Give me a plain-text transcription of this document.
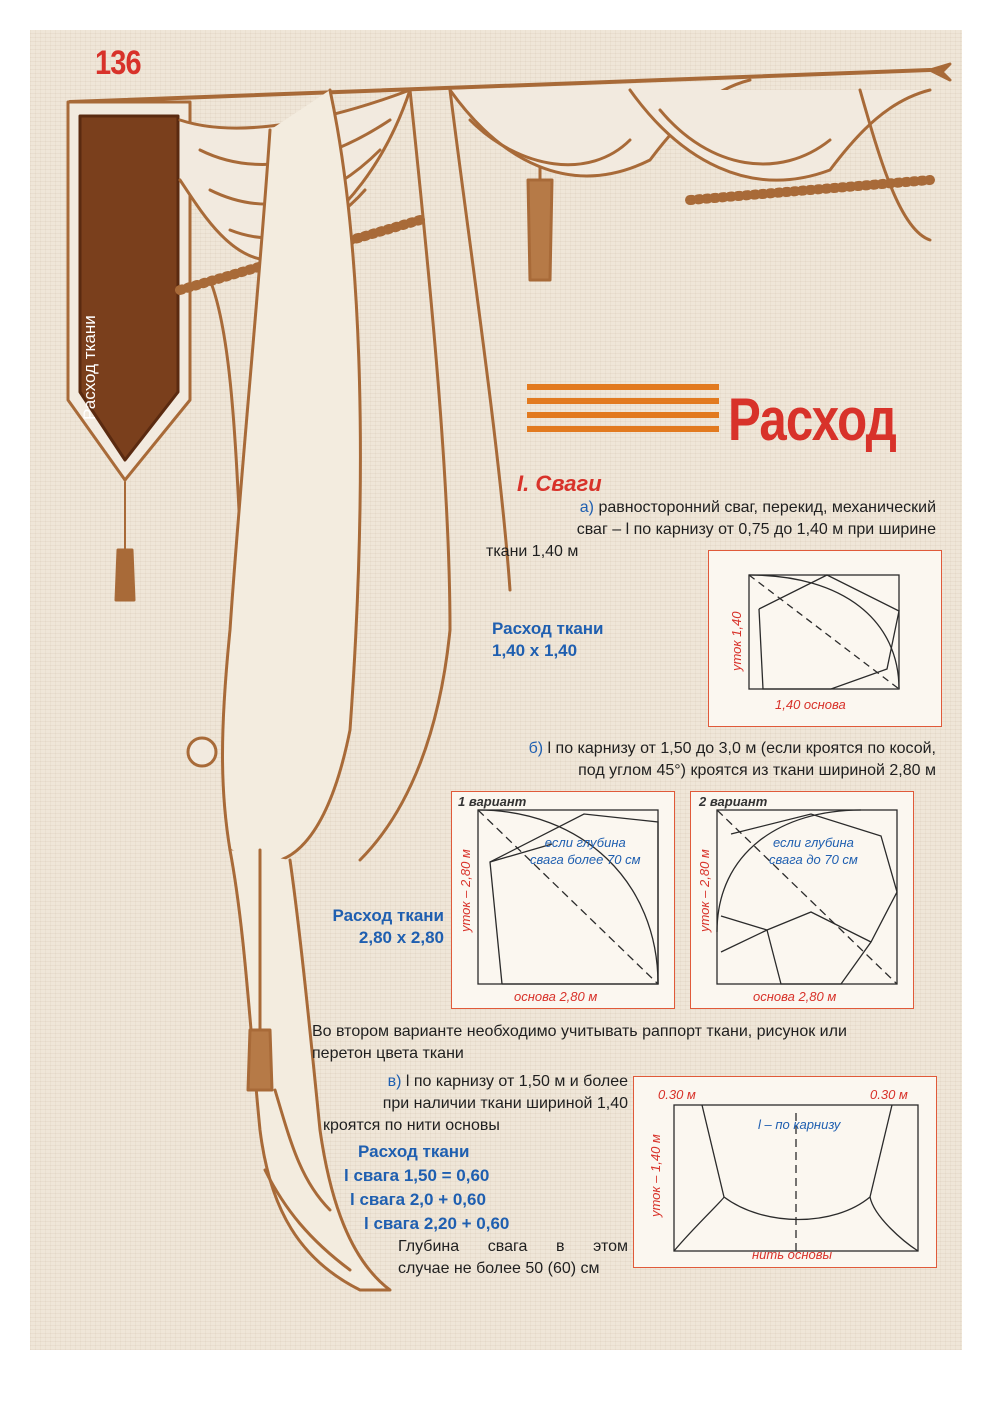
136
Расход ткани	Расход
I. Сваги
а) равносторонний сваг, перекид, механический
сваг – l по карнизу от 0,75 до 1,40 м при ширине
ткани 1,40 м
Расход ткани
1,40 х 1,40	уток 1,40
1,40 основа
б) l по карнизу от 1,50 до 3,0 м (если кроятся по косой,
под углом 45°) кроятся из ткани шириной 2,80 м
Расход ткани
2,80 х 2,80
1 вариант
если глубина
свага более 70 см
уток – 2,80 м
основа 2,80 м
2 вариант
если глубина
свага до 70 см
уток – 2,80 м
основа 2,80 м
Во втором варианте необходимо учитывать раппорт ткани, рисунок или
перетон цвета ткани
в) l по карнизу от 1,50 м и более
при наличии ткани шириной 1,40
кроятся по нити основы
Расход ткани
l свага 1,50 = 0,60
l свага 2,0 + 0,60
l свага 2,20 + 0,60
Глубина свага в этом
случае не более 50 (60) см
0.30 м	0.30 м
l – по карнизу
уток – 1,40 м
нить основы
